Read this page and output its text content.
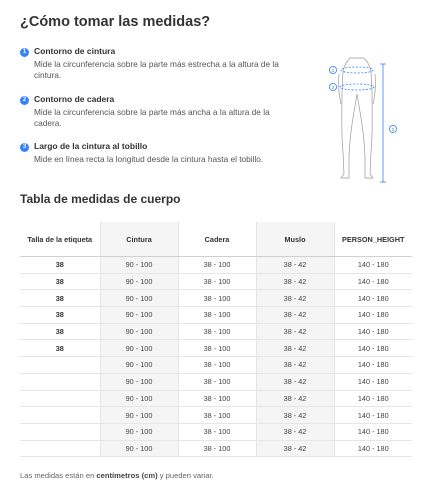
¿Cómo tomar las medidas?
1 Contorno de cintura
Mide la circunferencia sobre la parte más estrecha a la altura de la cintura.
2 Contorno de cadera
Mide la circunferencia sobre la parte más ancha a la altura de la cadera.
3 Largo de la cintura al tobillo
Mide en línea recta la longitud desde la cintura hasta el tobillo.
1
2
3
Tabla de medidas de cuerpo
Talla de la etiqueta	Cintura	Cadera	Muslo	PERSON_HEIGHT
38	90 - 100	38 - 100	38 - 42	140 - 180
38	90 - 100	38 - 100	38 - 42	140 - 180
38	90 - 100	38 - 100	38 - 42	140 - 180
38	90 - 100	38 - 100	38 - 42	140 - 180
38	90 - 100	38 - 100	38 - 42	140 - 180
38	90 - 100	38 - 100	38 - 42	140 - 180
	90 - 100	38 - 100	38 - 42	140 - 180
	90 - 100	38 - 100	38 - 42	140 - 180
	90 - 100	38 - 100	38 - 42	140 - 180
	90 - 100	38 - 100	38 - 42	140 - 180
	90 - 100	38 - 100	38 - 42	140 - 180
	90 - 100	38 - 100	38 - 42	140 - 180
Las medidas están en centímetros (cm) y pueden variar.
